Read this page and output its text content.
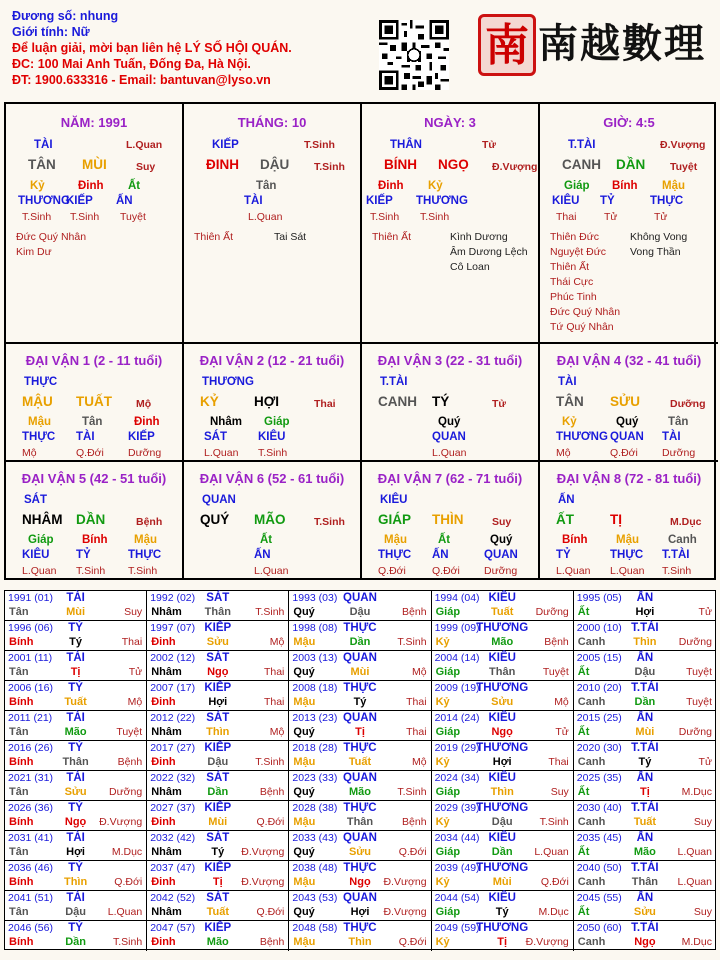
Đương số: nhung
Giới tính: Nữ
Để luận giải, mời bạn liên hệ LÝ SỐ HỘI QUÁN.
ĐC: 100 Mai Anh Tuấn, Đống Đa, Hà Nội.
ĐT: 1900.633316 - Email: bantuvan@lyso.vn
南 南越數理
NĂM: 1991
TÀI	L.Quan
TÂN MÙI	Suy
Kỷ
THƯƠNG
T.Sinh
Đinh
KIẾP
T.Sinh
Ất
ẤN
Tuyệt
Đức Quý Nhân
Kim Dư
THÁNG: 10
KIẾP	T.Sinh
ĐINH DẬU T.Sinh
Tân
TÀI
L.Quan
Thiên Ất	Tai Sát
NGÀY: 3
THÂN	Tử
BÍNH NGỌ Đ.Vượng
Đinh
KIẾP
T.Sinh
Kỷ
THƯƠNG
T.Sinh
Thiên Ất	Kình Dương
Âm Dương Lệch
Cô Loan
GIỜ: 4:5
T.TÀI	Đ.Vượng
CANH DẦN Tuyệt
Giáp
KIÊU
Thai
Bính
TỶ
Tử
Mậu
THỰC
Tử
Thiên Đức
Nguyệt Đức
Thiên Ất
Thái Cực
Phúc Tinh
Đức Quý Nhân
Tứ Quý Nhân
Không Vong
Vong Thần
ĐẠI VẬN 1 (2 - 11 tuổi)
THỰC
MẬU TUẤT Mộ
Mậu
THỰC
Mộ
Tân
TÀI
Q.Đới
Đinh
KIẾP
Dưỡng
ĐẠI VẬN 2 (12 - 21 tuổi)
THƯƠNG
KỶ	HỢI	Thai
Nhâm
SÁT
L.Quan
Giáp
KIÊU
T.Sinh
ĐẠI VẬN 3 (22 - 31 tuổi)
T.TÀI
CANH TÝ	Tử
Quý
QUAN
L.Quan
ĐẠI VẬN 4 (32 - 41 tuổi)
TÀI
TÂN SỬU	Dưỡng
Kỷ
THƯƠNG
Mộ
Quý
QUAN
Q.Đới
Tân
TÀI
Dưỡng
ĐẠI VẬN 5 (42 - 51 tuổi)
SÁT
NHÂM DẦN	Bệnh
Giáp
KIÊU
L.Quan
Bính
TỶ
T.Sinh
Mậu
THỰC
T.Sinh
ĐẠI VẬN 6 (52 - 61 tuổi)
QUAN
QUÝ MÃO	T.Sinh
Ất
ẤN
L.Quan
ĐẠI VẬN 7 (62 - 71 tuổi)
KIÊU
GIÁP THÌN	Suy
Mậu
THỰC
Q.Đới
Ất
ẤN
Q.Đới
Quý
QUAN
Dưỡng
ĐẠI VẬN 8 (72 - 81 tuổi)
ẤN
ẤT	TỊ	M.Dục
Bính
TỶ
L.Quan
Mậu
THỰC
L.Quan
Canh
T.TÀI
T.Sinh
1991 (01)	TÀI
Tân	Mùi	Suy
1992 (02) SÁT
Nhâm	Thân	T.Sinh
1993 (03) QUAN
Quý	Dậu	Bệnh
1994 (04) KIÊU
Giáp	Tuất	Dưỡng
1995 (05)	ẤN
Ất	Hợi	Tử
1996 (06)	TỶ
Bính	Tý	Thai
1997 (07) KIẾP
Đinh	Sửu	Mộ
1998 (08) THỰC
Mậu	Dần	T.Sinh
1999 (09)
THƯƠNG
Kỷ	Mão	Bệnh
2000 (10) T.TÀI
Canh	Thìn	Dưỡng
2001 (11)	TÀI
Tân	Tị	Tử
2002 (12) SÁT
Nhâm	Ngọ	Thai
2003 (13) QUAN
Quý	Mùi	Mộ
2004 (14) KIÊU
Giáp	Thân	Tuyệt
2005 (15)	ẤN
Ất	Dậu	Tuyệt
2006 (16)	TỶ
Bính	Tuất	Mộ
2007 (17) KIẾP
Đinh	Hợi	Thai
2008 (18) THỰC
Mậu	Tý	Thai
2009 (19)
THƯƠNG
Kỷ	Sửu	Mộ
2010 (20) T.TÀI
Canh	Dần	Tuyệt
2011 (21)	TÀI
Tân	Mão	Tuyệt
2012 (22) SÁT
Nhâm	Thìn	Mộ
2013 (23) QUAN
Quý	Tị	Thai
2014 (24) KIÊU
Giáp	Ngọ	Tử
2015 (25)	ẤN
Ất	Mùi	Dưỡng
2016 (26)	TỶ
Bính	Thân	Bệnh
2017 (27) KIẾP
Đinh	Dậu	T.Sinh
2018 (28) THỰC
Mậu	Tuất	Mộ
2019 (29)
THƯƠNG
Kỷ	Hợi	Thai
2020 (30) T.TÀI
Canh	Tý	Tử
2021 (31)	TÀI
Tân	Sửu	Dưỡng
2022 (32) SÁT
Nhâm	Dần	Bệnh
2023 (33) QUAN
Quý	Mão	T.Sinh
2024 (34) KIÊU
Giáp	Thìn	Suy
2025 (35)	ẤN
Ất	Tị	M.Dục
2026 (36)	TỶ
Bính	Ngọ	Đ.Vượng
2027 (37) KIẾP
Đinh	Mùi	Q.Đới
2028 (38) THỰC
Mậu	Thân	Bệnh
2029 (39)
THƯƠNG
Kỷ	Dậu	T.Sinh
2030 (40) T.TÀI
Canh	Tuất	Suy
2031 (41)	TÀI
Tân	Hợi	M.Dục
2032 (42) SÁT
Nhâm	Tý	Đ.Vượng
2033 (43) QUAN
Quý	Sửu	Q.Đới
2034 (44) KIÊU
Giáp	Dần	L.Quan
2035 (45)	ẤN
Ất	Mão	L.Quan
2036 (46)	TỶ
Bính	Thìn	Q.Đới
2037 (47) KIẾP
Đinh	Tị	Đ.Vượng
2038 (48) THỰC
Mậu	Ngọ	Đ.Vượng
2039 (49)
THƯƠNG
Kỷ	Mùi	Q.Đới
2040 (50) T.TÀI
Canh	Thân	L.Quan
2041 (51)	TÀI
Tân	Dậu	L.Quan
2042 (52) SÁT
Nhâm	Tuất	Q.Đới
2043 (53) QUAN
Quý	Hợi	Đ.Vượng
2044 (54) KIÊU
Giáp	Tý	M.Dục
2045 (55)	ẤN
Ất	Sửu	Suy
2046 (56)	TỶ
Bính	Dần	T.Sinh
2047 (57) KIẾP
Đinh	Mão	Bệnh
2048 (58) THỰC
Mậu	Thìn	Q.Đới
2049 (59)
THƯƠNG
Kỷ	Tị	Đ.Vượng
2050 (60) T.TÀI
Canh	Ngọ	M.Dục
